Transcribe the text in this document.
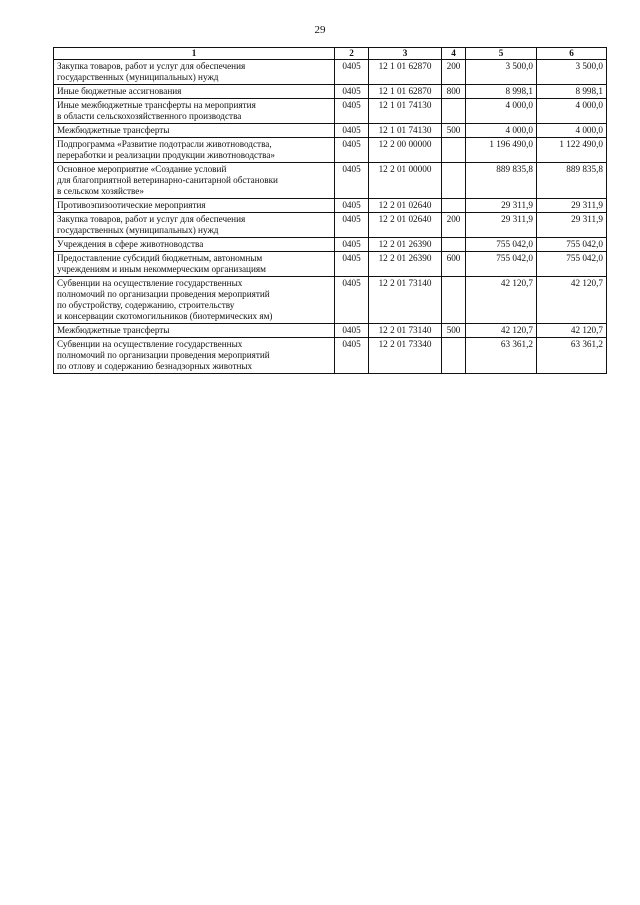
29
1	2	3	4	5	6
Закупка товаров, работ и услуг для обеспечения
государственных (муниципальных) нужд	0405	12 1 01 62870	200	3 500,0	3 500,0
Иные бюджетные ассигнования	0405	12 1 01 62870	800	8 998,1	8 998,1
Иные межбюджетные трансферты на мероприятия
в области сельскохозяйственного производства	0405	12 1 01 74130		4 000,0	4 000,0
Межбюджетные трансферты	0405	12 1 01 74130	500	4 000,0	4 000,0
Подпрограмма «Развитие подотрасли животноводства,
переработки и реализации продукции животноводства»	0405	12 2 00 00000		1 196 490,0	1 122 490,0
Основное мероприятие «Создание условий
для благоприятной ветеринарно-санитарной обстановки
в сельском хозяйстве»	0405	12 2 01 00000		889 835,8	889 835,8
Противоэпизоотические мероприятия	0405	12 2 01 02640		29 311,9	29 311,9
Закупка товаров, работ и услуг для обеспечения
государственных (муниципальных) нужд	0405	12 2 01 02640	200	29 311,9	29 311,9
Учреждения в сфере животноводства	0405	12 2 01 26390		755 042,0	755 042,0
Предоставление субсидий бюджетным, автономным
учреждениям и иным некоммерческим организациям	0405	12 2 01 26390	600	755 042,0	755 042,0
Субвенции на осуществление государственных
полномочий по организации проведения мероприятий
по обустройству, содержанию, строительству
и консервации скотомогильников (биотермических ям)	0405	12 2 01 73140		42 120,7	42 120,7
Межбюджетные трансферты	0405	12 2 01 73140	500	42 120,7	42 120,7
Субвенции на осуществление государственных
полномочий по организации проведения мероприятий
по отлову и содержанию безнадзорных животных	0405	12 2 01 73340		63 361,2	63 361,2
